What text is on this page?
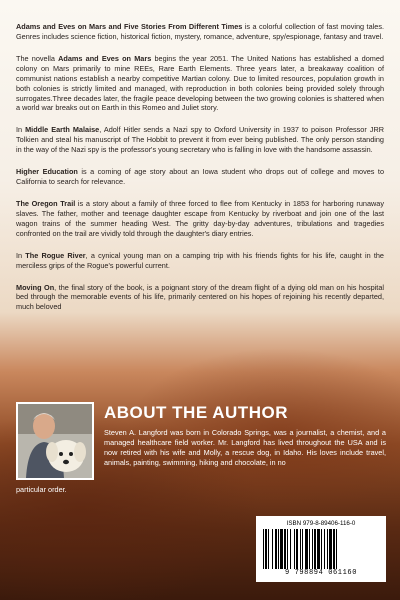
Adams and Eves on Mars and Five Stories From Different Times is a colorful collection of fast moving tales. Genres includes science fiction, historical fiction, mystery, romance, adventure, spy/espionage, fantasy and travel.

The novella Adams and Eves on Mars begins the year 2051. The United Nations has established a domed colony on Mars primarily to mine REEs, Rare Earth Elements. Three years later, a breakaway coalition of communist nations establish a nearby competitive Martian colony. Due to limited resources, population growth in both colonies is strictly limited and managed, with reproduction in both colonies being provided solely through surrogates.Three decades later, the fragile peace developing between the two growing colonies is shattered when a world war breaks out on Earth in this Romeo and Juliet story.

In Middle Earth Malaise, Adolf Hitler sends a Nazi spy to Oxford University in 1937 to poison Professor JRR Tolkien and steal his manuscript of The Hobbit to prevent it from ever being published. The only person standing in the way of the Nazi spy is the professor's young secretary who is falling in love with the handsome assassin.

Higher Education is a coming of age story about an Iowa student who drops out of college and moves to California to search for relevance.

The Oregon Trail is a story about a family of three forced to flee from Kentucky in 1853 for harboring runaway slaves. The father, mother and teenage daughter escape from Kentucky by riverboat and join one of the last wagon trains of the summer heading West. The gritty day-by-day adventures, tribulations and tragedies confronted on the trail are vividly told through the daughter's diary entries.

In The Rogue River, a cynical young man on a camping trip with his friends fights for his life, caught in the merciless grips of the Rogue's powerful current.

Moving On, the final story of the book, is a poignant story of the dream flight of a dying old man on his hospital bed through the memorable events of his life, primarily centered on his hopes of rejoining his recently departed, much beloved

ABOUT THE AUTHOR
Steven A. Langford was born in Colorado Springs, was a journalist, a chemist, and a managed healthcare field worker. Mr. Langford has lived throughout the USA and is now retired with his wife and Molly, a rescue dog, in Idaho. His loves include travel, animals, painting, swimming, hiking and chocolate, in no
particular order.
ISBN 979-8-89406-116-0
9 798894 061160
